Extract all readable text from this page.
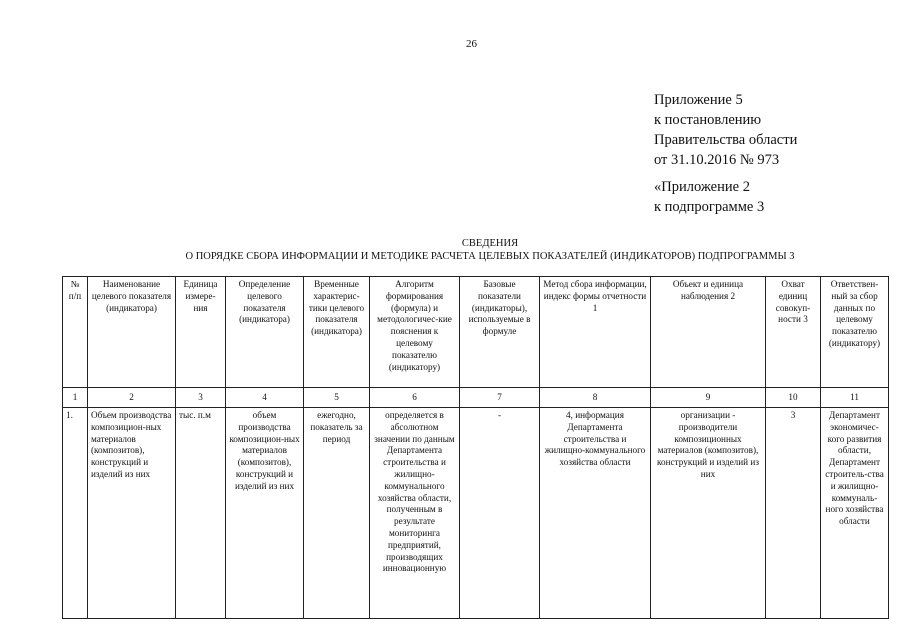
26
Приложение 5
к постановлению
Правительства области
от 31.10.2016 № 973
«Приложение 2
к подпрограмме 3
СВЕДЕНИЯ
О ПОРЯДКЕ СБОРА ИНФОРМАЦИИ И МЕТОДИКЕ РАСЧЕТА ЦЕЛЕВЫХ ПОКАЗАТЕЛЕЙ (ИНДИКАТОРОВ) ПОДПРОГРАММЫ 3
№ п/п	Наименование целевого показателя (индикатора)	Единица измере-ния	Определение целевого показателя (индикатора)	Временные характерис-тики целевого показателя (индикатора)	Алгоритм формирования (формула) и методологичес-кие пояснения к целевому показателю (индикатору)	Базовые показатели (индикаторы), используемые в формуле	Метод сбора информации, индекс формы отчетности 1	Объект и единица наблюдения 2	Охват единиц совокуп-ности 3	Ответствен-ный за сбор данных по целевому показателю (индикатору)
1	2	3	4	5	6	7	8	9	10	11
1.	Объем производства композицион-ных материалов (композитов), конструкций и изделий из них	тыс. п.м	объем производства композицион-ных материалов (композитов), конструкций и изделий из них	ежегодно, показатель за период	определяется в абсолютном значении по данным Департамента строительства и жилищно-коммунального хозяйства области, полученным в результате мониторинга предприятий, производящих инновационную	-	4, информация Департамента строительства и жилищно-коммунального хозяйства области	организации - производители композиционных материалов (композитов), конструкций и изделий из них	3	Департамент экономичес-кого развития области, Департамент строитель-ства и жилищно-коммуналь-ного хозяйства области
